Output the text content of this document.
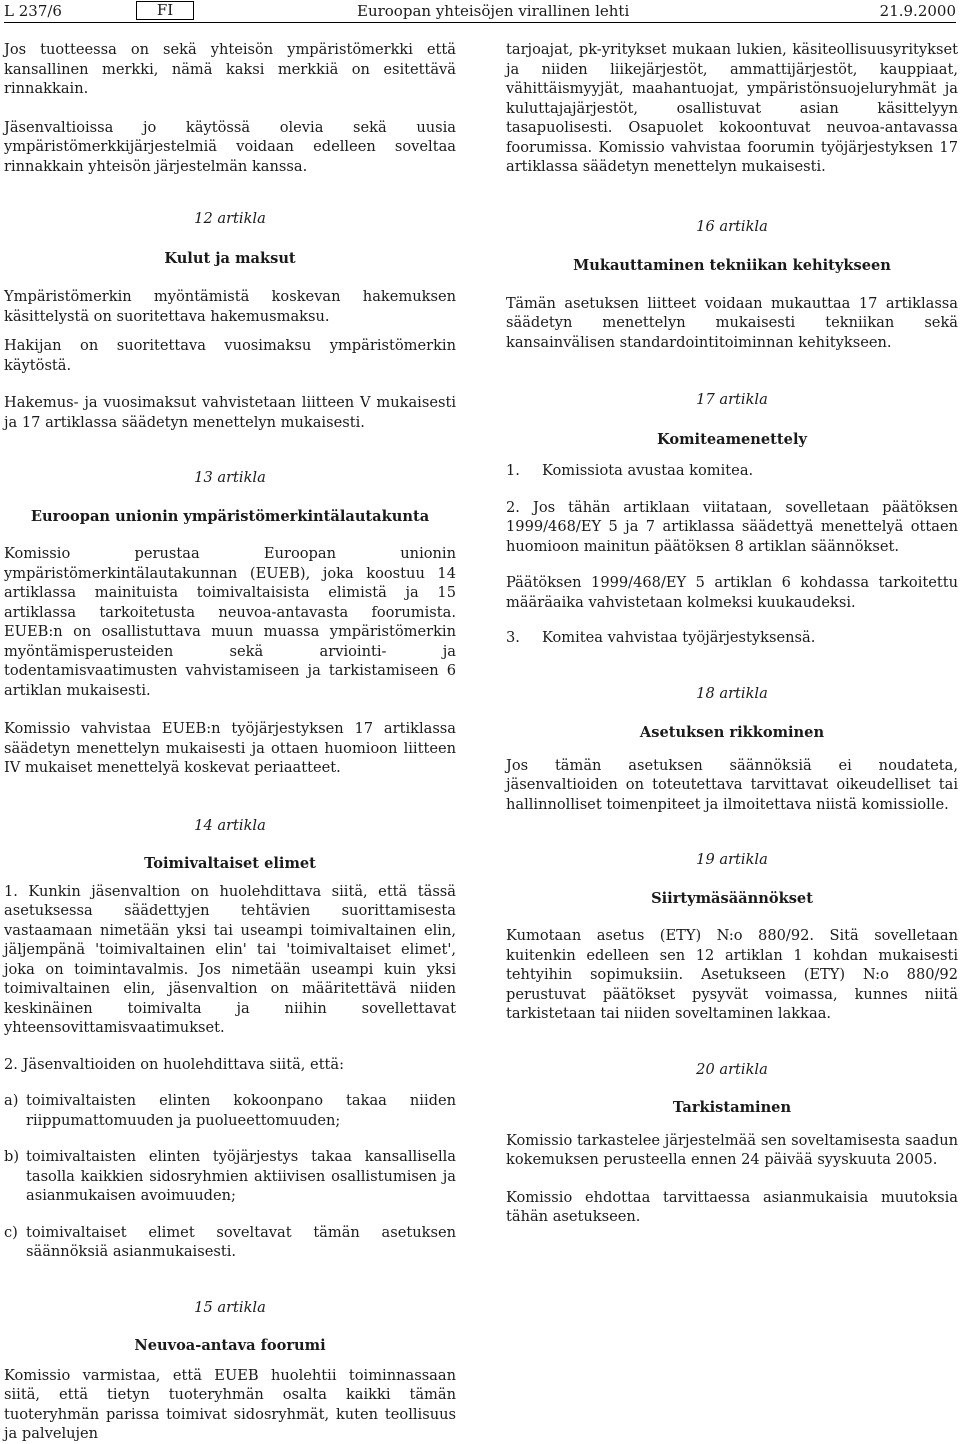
L 237/6	FI	Euroopan yhteisöjen virallinen lehti	21.9.2000

Jos tuotteessa on sekä yhteisön ympäristömerkki että kansallinen merkki, nämä kaksi merkkiä on esitettävä rinnakkain.

Jäsenvaltioissa jo käytössä olevia sekä uusia ympäristömerkkijärjestelmiä voidaan edelleen soveltaa rinnakkain yhteisön järjestelmän kanssa.

12 artikla

Kulut ja maksut

Ympäristömerkin myöntämistä koskevan hakemuksen käsittelystä on suoritettava hakemusmaksu.

Hakijan on suoritettava vuosimaksu ympäristömerkin käytöstä.

Hakemus- ja vuosimaksut vahvistetaan liitteen V mukaisesti ja 17 artiklassa säädetyn menettelyn mukaisesti.

13 artikla

Euroopan unionin ympäristömerkintälautakunta

Komissio perustaa Euroopan unionin ympäristömerkintälautakunnan (EUEB), joka koostuu 14 artiklassa mainituista toimivaltaisista elimistä ja 15 artiklassa tarkoitetusta neuvoa-antavasta foorumista. EUEB:n on osallistuttava muun muassa ympäristömerkin myöntämisperusteiden sekä arviointi- ja todentamisvaatimusten vahvistamiseen ja tarkistamiseen 6 artiklan mukaisesti.

Komissio vahvistaa EUEB:n työjärjestyksen 17 artiklassa säädetyn menettelyn mukaisesti ja ottaen huomioon liitteen IV mukaiset menettelyä koskevat periaatteet.

14 artikla

Toimivaltaiset elimet

1. Kunkin jäsenvaltion on huolehdittava siitä, että tässä asetuksessa säädettyjen tehtävien suorittamisesta vastaamaan nimetään yksi tai useampi toimivaltainen elin, jäljempänä 'toimivaltainen elin' tai 'toimivaltaiset elimet', joka on toimintavalmis. Jos nimetään useampi kuin yksi toimivaltainen elin, jäsenvaltion on määritettävä niiden keskinäinen toimivalta ja niihin sovellettavat yhteensovittamisvaatimukset.

2. Jäsenvaltioiden on huolehdittava siitä, että:

a) toimivaltaisten elinten kokoonpano takaa niiden riippumattomuuden ja puolueettomuuden;
b) toimivaltaisten elinten työjärjestys takaa kansallisella tasolla kaikkien sidosryhmien aktiivisen osallistumisen ja asianmukaisen avoimuuden;
c) toimivaltaiset elimet soveltavat tämän asetuksen säännöksiä asianmukaisesti.

15 artikla

Neuvoa-antava foorumi

Komissio varmistaa, että EUEB huolehtii toiminnassaan siitä, että tietyn tuoteryhmän osalta kaikki tämän tuoteryhmän parissa toimivat sidosryhmät, kuten teollisuus ja palvelujen

tarjoajat, pk-yritykset mukaan lukien, käsiteollisuusyritykset ja niiden liikejärjestöt, ammattijärjestöt, kauppiaat, vähittäismyyjät, maahantuojat, ympäristönsuojeluryhmät ja kuluttajajärjestöt, osallistuvat asian käsittelyyn tasapuolisesti. Osapuolet kokoontuvat neuvoa-antavassa foorumissa. Komissio vahvistaa foorumin työjärjestyksen 17 artiklassa säädetyn menettelyn mukaisesti.

16 artikla

Mukauttaminen tekniikan kehitykseen

Tämän asetuksen liitteet voidaan mukauttaa 17 artiklassa säädetyn menettelyn mukaisesti tekniikan sekä kansainvälisen standardointitoiminnan kehitykseen.

17 artikla

Komiteamenettely

1.	Komissiota avustaa komitea.

2. Jos tähän artiklaan viitataan, sovelletaan päätöksen 1999/468/EY 5 ja 7 artiklassa säädettyä menettelyä ottaen huomioon mainitun päätöksen 8 artiklan säännökset.

Päätöksen 1999/468/EY 5 artiklan 6 kohdassa tarkoitettu määräaika vahvistetaan kolmeksi kuukaudeksi.

3.	Komitea vahvistaa työjärjestyksensä.

18 artikla

Asetuksen rikkominen

Jos tämän asetuksen säännöksiä ei noudateta, jäsenvaltioiden on toteutettava tarvittavat oikeudelliset tai hallinnolliset toimenpiteet ja ilmoitettava niistä komissiolle.

19 artikla

Siirtymäsäännökset

Kumotaan asetus (ETY) N:o 880/92. Sitä sovelletaan kuitenkin edelleen sen 12 artiklan 1 kohdan mukaisesti tehtyihin sopimuksiin. Asetukseen (ETY) N:o 880/92 perustuvat päätökset pysyvät voimassa, kunnes niitä tarkistetaan tai niiden soveltaminen lakkaa.

20 artikla

Tarkistaminen

Komissio tarkastelee järjestelmää sen soveltamisesta saadun kokemuksen perusteella ennen 24 päivää syyskuuta 2005.

Komissio ehdottaa tarvittaessa asianmukaisia muutoksia tähän asetukseen.
